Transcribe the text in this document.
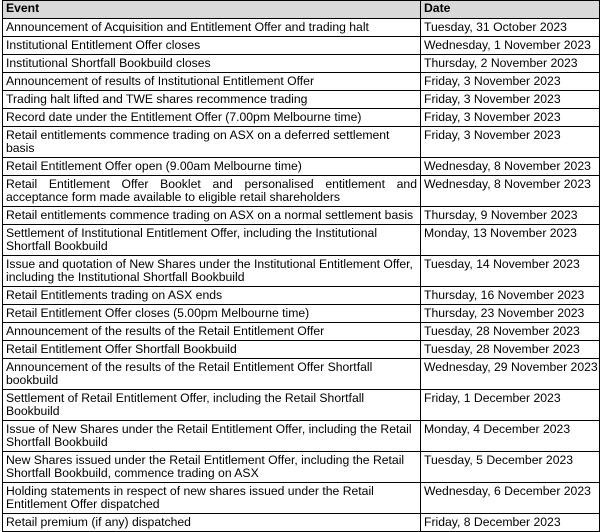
Event	Date
Announcement of Acquisition and Entitlement Offer and trading halt	Tuesday, 31 October 2023
Institutional Entitlement Offer closes	Wednesday, 1 November 2023
Institutional Shortfall Bookbuild closes	Thursday, 2 November 2023
Announcement of results of Institutional Entitlement Offer	Friday, 3 November 2023
Trading halt lifted and TWE shares recommence trading	Friday, 3 November 2023
Record date under the Entitlement Offer (7.00pm Melbourne time)	Friday, 3 November 2023
Retail entitlements commence trading on ASX on a deferred settlement basis	Friday, 3 November 2023
Retail Entitlement Offer open (9.00am Melbourne time)	Wednesday, 8 November 2023
Retail Entitlement Offer Booklet and personalised entitlement and acceptance form made available to eligible retail shareholders	Wednesday, 8 November 2023
Retail entitlements commence trading on ASX on a normal settlement basis	Thursday, 9 November 2023
Settlement of Institutional Entitlement Offer, including the Institutional Shortfall Bookbuild	Monday, 13 November 2023
Issue and quotation of New Shares under the Institutional Entitlement Offer, including the Institutional Shortfall Bookbuild	Tuesday, 14 November 2023
Retail Entitlements trading on ASX ends	Thursday, 16 November 2023
Retail Entitlement Offer closes (5.00pm Melbourne time)	Thursday, 23 November 2023
Announcement of the results of the Retail Entitlement Offer	Tuesday, 28 November 2023
Retail Entitlement Offer Shortfall Bookbuild	Tuesday, 28 November 2023
Announcement of the results of the Retail Entitlement Offer Shortfall bookbuild	Wednesday, 29 November 2023
Settlement of Retail Entitlement Offer, including the Retail Shortfall Bookbuild	Friday, 1 December 2023
Issue of New Shares under the Retail Entitlement Offer, including the Retail Shortfall Bookbuild	Monday, 4 December 2023
New Shares issued under the Retail Entitlement Offer, including the Retail Shortfall Bookbuild, commence trading on ASX	Tuesday, 5 December 2023
Holding statements in respect of new shares issued under the Retail Entitlement Offer dispatched	Wednesday, 6 December 2023
Retail premium (if any) dispatched	Friday, 8 December 2023
